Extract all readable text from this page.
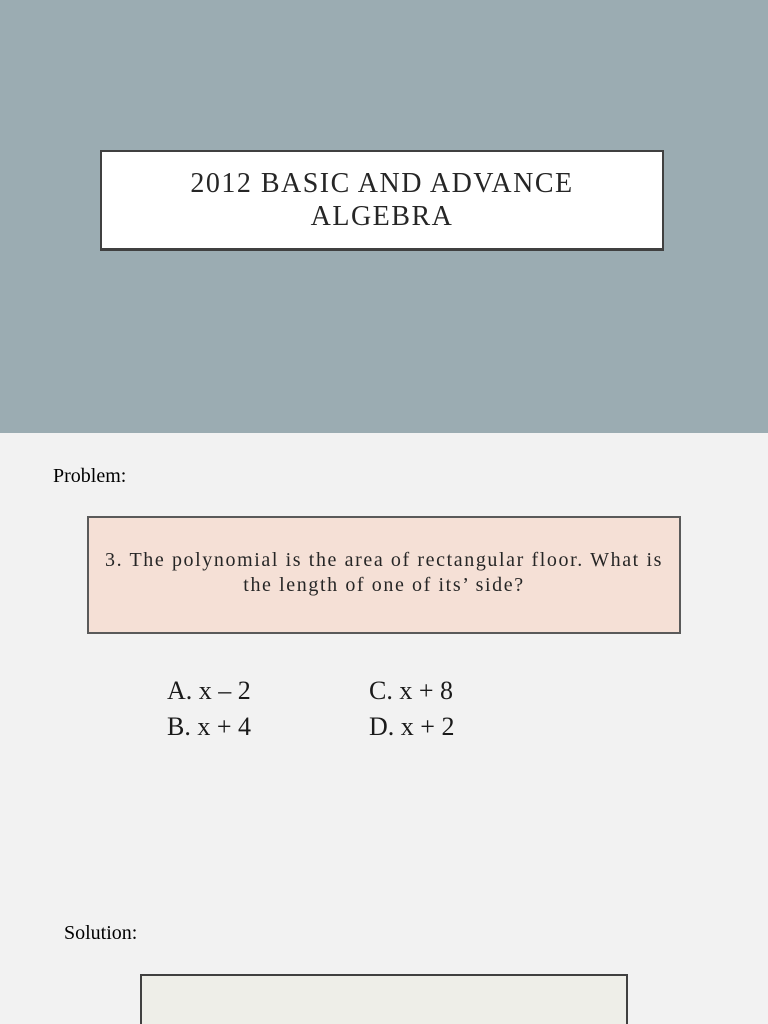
2012 BASIC AND ADVANCE ALGEBRA
Problem:
3. The polynomial is the area of rectangular floor. What is the length of one of its’ side?
A. x – 2	C. x + 8
B. x + 4	D. x + 2
Solution:
